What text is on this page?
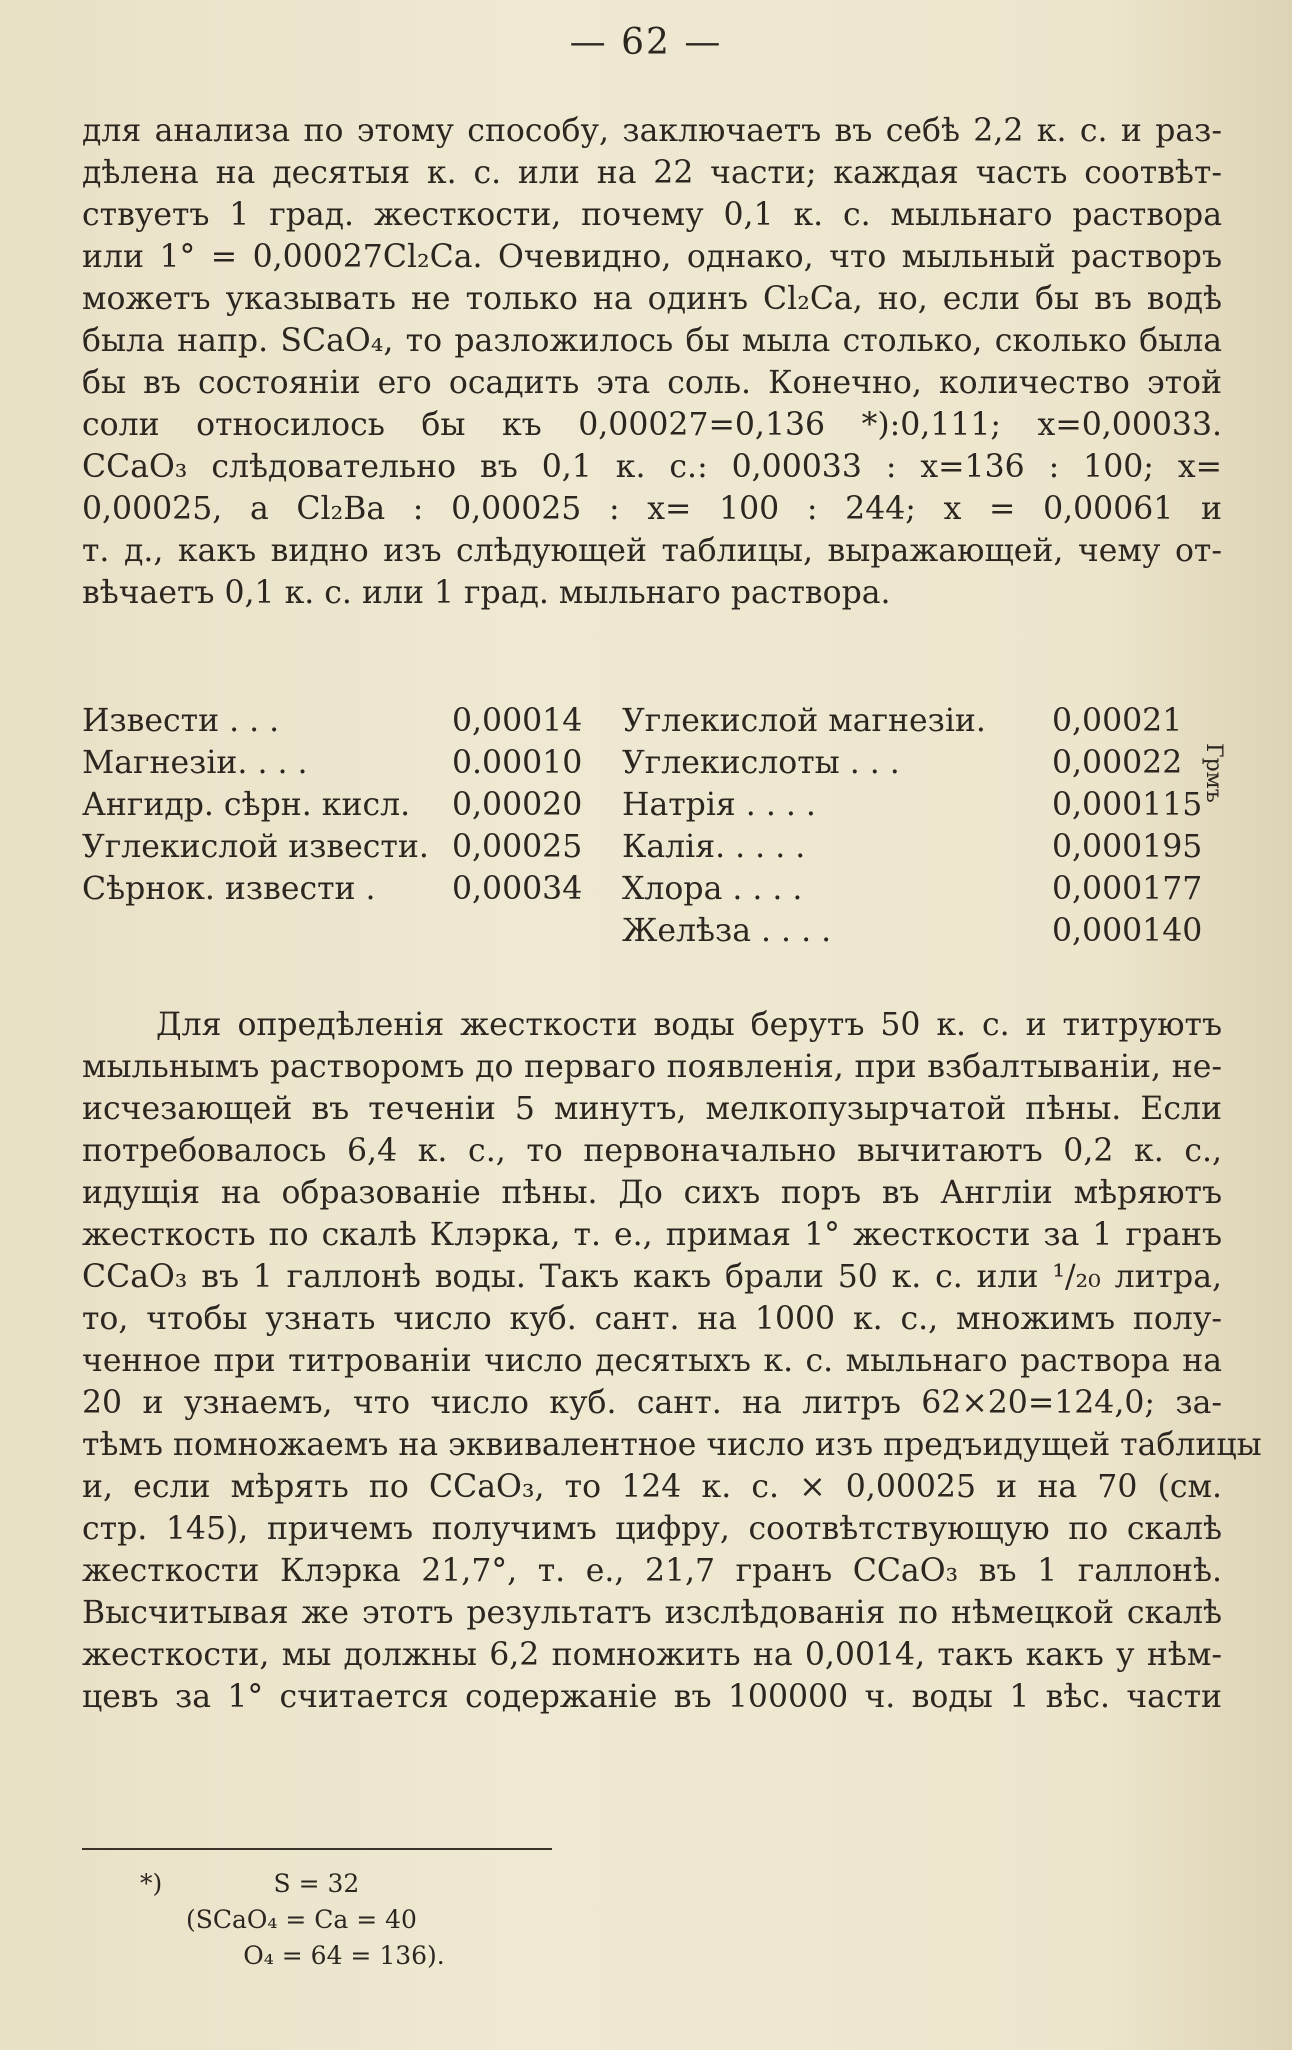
— 62 —
для анализа по этому способу, заключаетъ въ себѣ 2,2 к. с. и раз-
дѣлена на десятыя к. с. или на 22 части; каждая часть соотвѣт-
ствуетъ 1 град. жесткости, почему 0,1 к. с. мыльнаго раствора
или 1° = 0,00027Cl₂Ca. Очевидно, однако, что мыльный растворъ
можетъ указывать не только на одинъ Cl₂Ca, но, если бы въ водѣ
была напр. SCaO₄, то разложилось бы мыла столько, сколько была
бы въ состоянiи его осадить эта соль. Конечно, количество этой
соли относилось бы къ 0,00027=0,136 *):0,111; x=0,00033.
CCaO₃ слѣдовательно въ 0,1 к. с.: 0,00033 : x=136 : 100; x=
0,00025, а Cl₂Ba : 0,00025 : x= 100 : 244; x = 0,00061 и
т. д., какъ видно изъ слѣдующей таблицы, выражающей, чему от-
вѣчаетъ 0,1 к. с. или 1 град. мыльнаго раствора.
Извести . . .	0,00014	Углекислой магнезiи.	0,00021
Магнезiи. . . .	0.00010	Углекислоты . . .	0,00022
Ангидр. сѣрн. кисл.	0,00020	Натрiя . . . .	0,000115
Углекислой извести.	0,00025	Калiя. . . . .	0,000195
Сѣрнок. извести .	0,00034	Хлора . . . .	0,000177
		Желѣза . . . .	0,000140
Грмъ
Для опредѣленiя жесткости воды берутъ 50 к. с. и титруютъ
мыльнымъ растворомъ до перваго появленiя, при взбалтыванiи, не-
исчезающей въ теченiи 5 минутъ, мелкопузырчатой пѣны. Если
потребовалось 6,4 к. с., то первоначально вычитаютъ 0,2 к. с.,
идущiя на образованiе пѣны. До сихъ поръ въ Англiи мѣряютъ
жесткость по скалѣ Клэрка, т. е., примая 1° жесткости за 1 гранъ
CCaO₃ въ 1 галлонѣ воды. Такъ какъ брали 50 к. с. или ¹/₂₀ литра,
то, чтобы узнать число куб. сант. на 1000 к. с., множимъ полу-
ченное при титрованiи число десятыхъ к. с. мыльнаго раствора на
20 и узнаемъ, что число куб. сант. на литръ 62×20=124,0; за-
тѣмъ помножаемъ на эквивалентное число изъ предъидущей таблицы
и, если мѣрять по CCaO₃, то 124 к. с. × 0,00025 и на 70 (см.
стр. 145), причемъ получимъ цифру, соотвѣтствующую по скалѣ
жесткости Клэрка 21,7°, т. е., 21,7 гранъ CCaO₃ въ 1 галлонѣ.
Высчитывая же этотъ результатъ изслѣдованiя по нѣмецкой скалѣ
жесткости, мы должны 6,2 помножить на 0,0014, такъ какъ у нѣм-
цевъ за 1° считается содержанiе въ 100000 ч. воды 1 вѣс. части
*)              S = 32
(SCaO₄ = Ca = 40
O₄ = 64 = 136).
